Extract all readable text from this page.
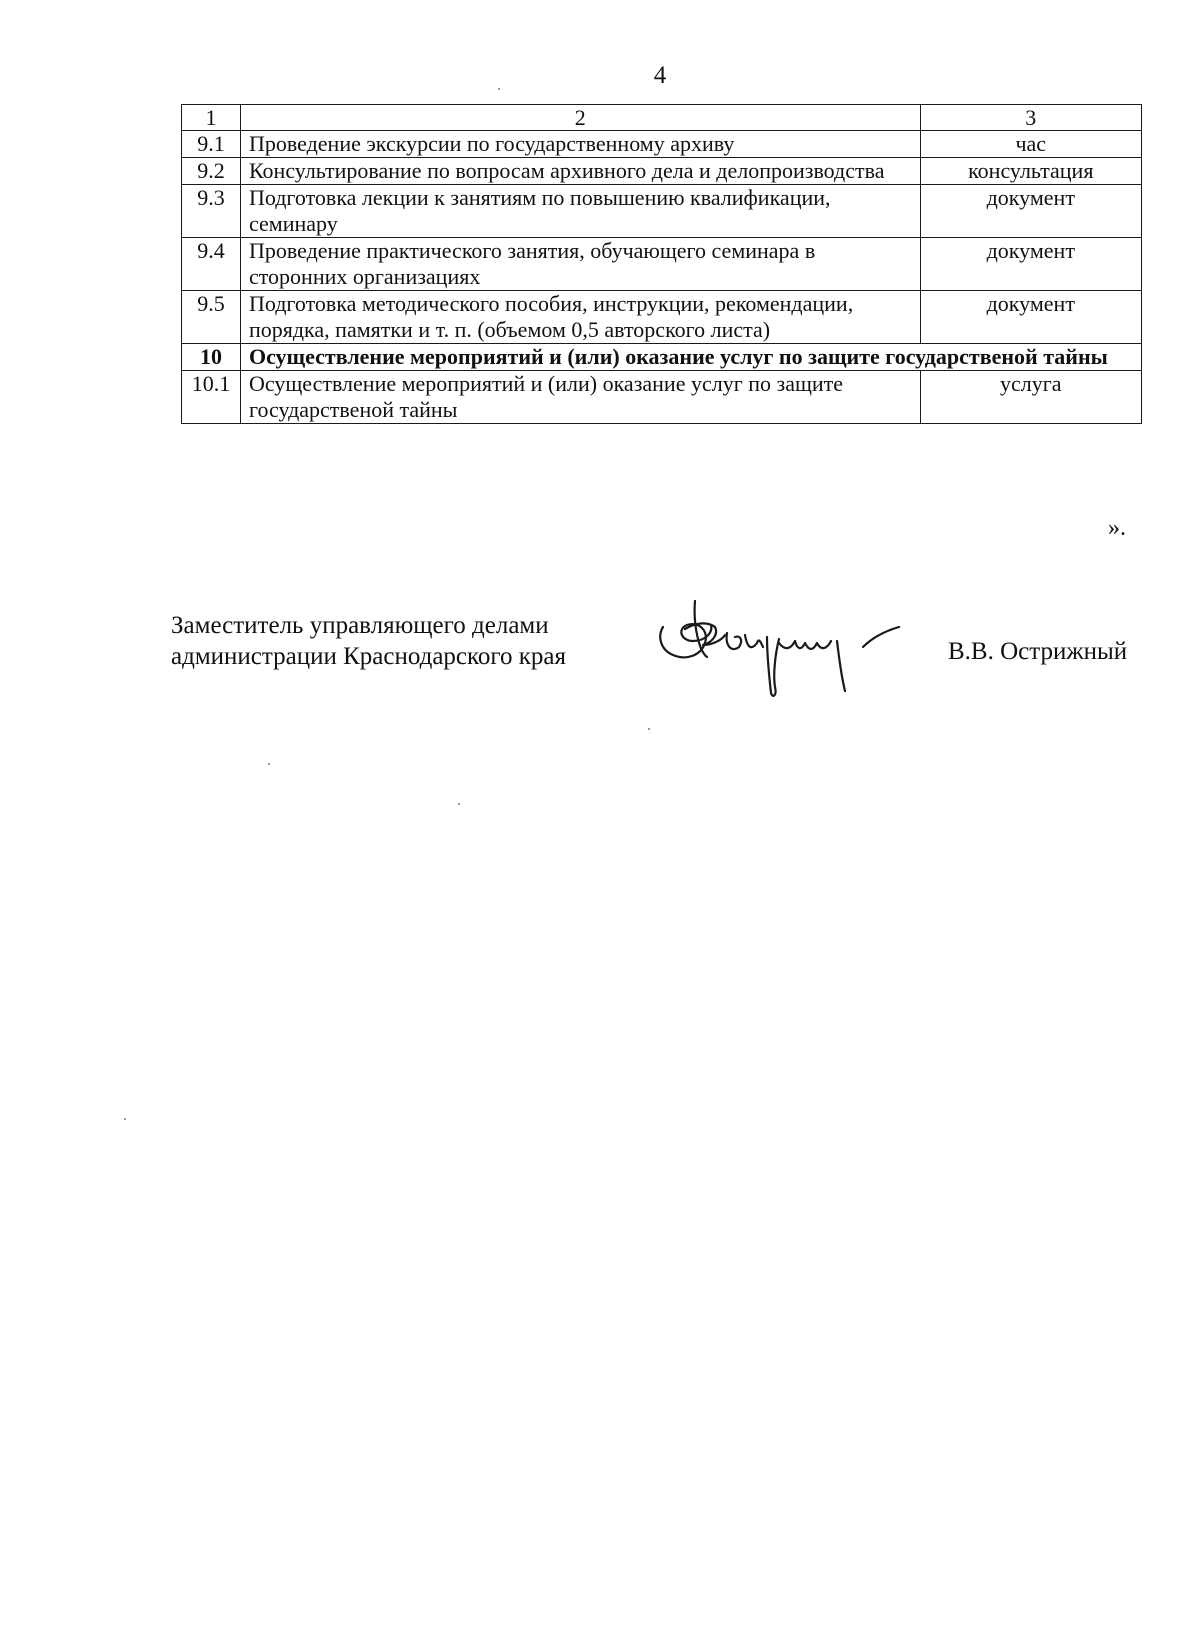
4
1	2	3
9.1	Проведение экскурсии по государственному архиву	час
9.2	Консультирование по вопросам архивного дела и делопроизводства	консультация
9.3	Подготовка лекции к занятиям по повышению квалификации, семинару	документ
9.4	Проведение практического занятия, обучающего семинара в сторонних организациях	документ
9.5	Подготовка методического пособия, инструкции, рекомендации, порядка, памятки и т. п. (объемом 0,5 авторского листа)	документ
10	Осуществление мероприятий и (или) оказание услуг по защите государственой тайны	
10.1	Осуществление мероприятий и (или) оказание услуг по защите государственой тайны	услуга
».
Заместитель управляющего делами
администрации Краснодарского края	В.В. Острижный
